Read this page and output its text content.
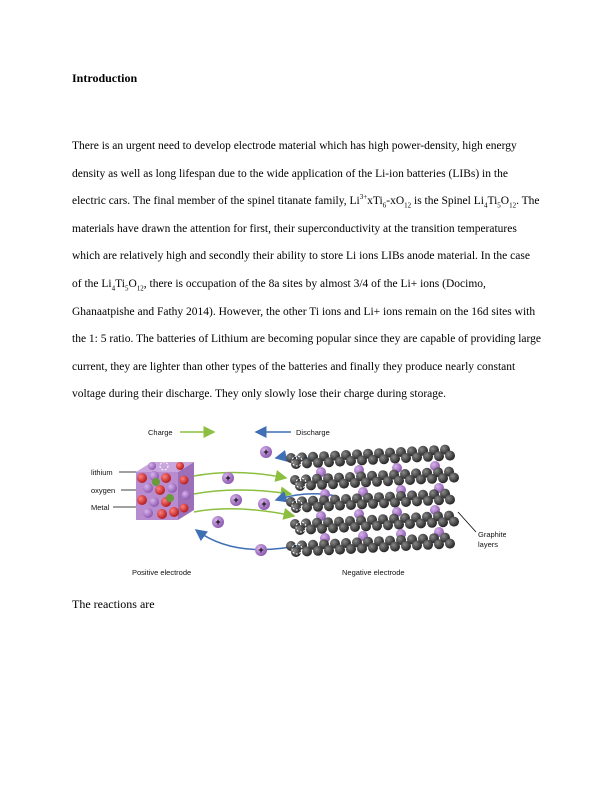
Introduction
There is an urgent need to develop electrode material which has high power-density, high energy density as well as long lifespan due to the wide application of the Li-ion batteries (LIBs) in the electric cars. The final member of the spinel titanate family, $Li^{3+}xTi_6-xO_{12}$ is the Spinel $Li_4Ti_5O_{12}$. The materials have drawn the attention for first, their superconductivity at the transition temperatures which are relatively high and secondly their ability to store Li ions LIBs anode material. In the case of the $Li_4Ti_5O_{12}$, there is occupation of the 8a sites by almost 3/4 of the Li+ ions (Docimo, Ghanaatpishe and Fathy 2014). However, the other Ti ions and Li+ ions remain on the 16d sites with the 1: 5 ratio. The batteries of Lithium are becoming popular since they are capable of providing large current, they are lighter than other types of the batteries and finally they produce nearly constant voltage during their discharge. They only slowly lose their charge during storage.
Charge	Discharge
lithium
oxygen
Metal
+
+
+	+
+
+
Graphite
layers
Positive electrode	Negative electrode
The reactions are
